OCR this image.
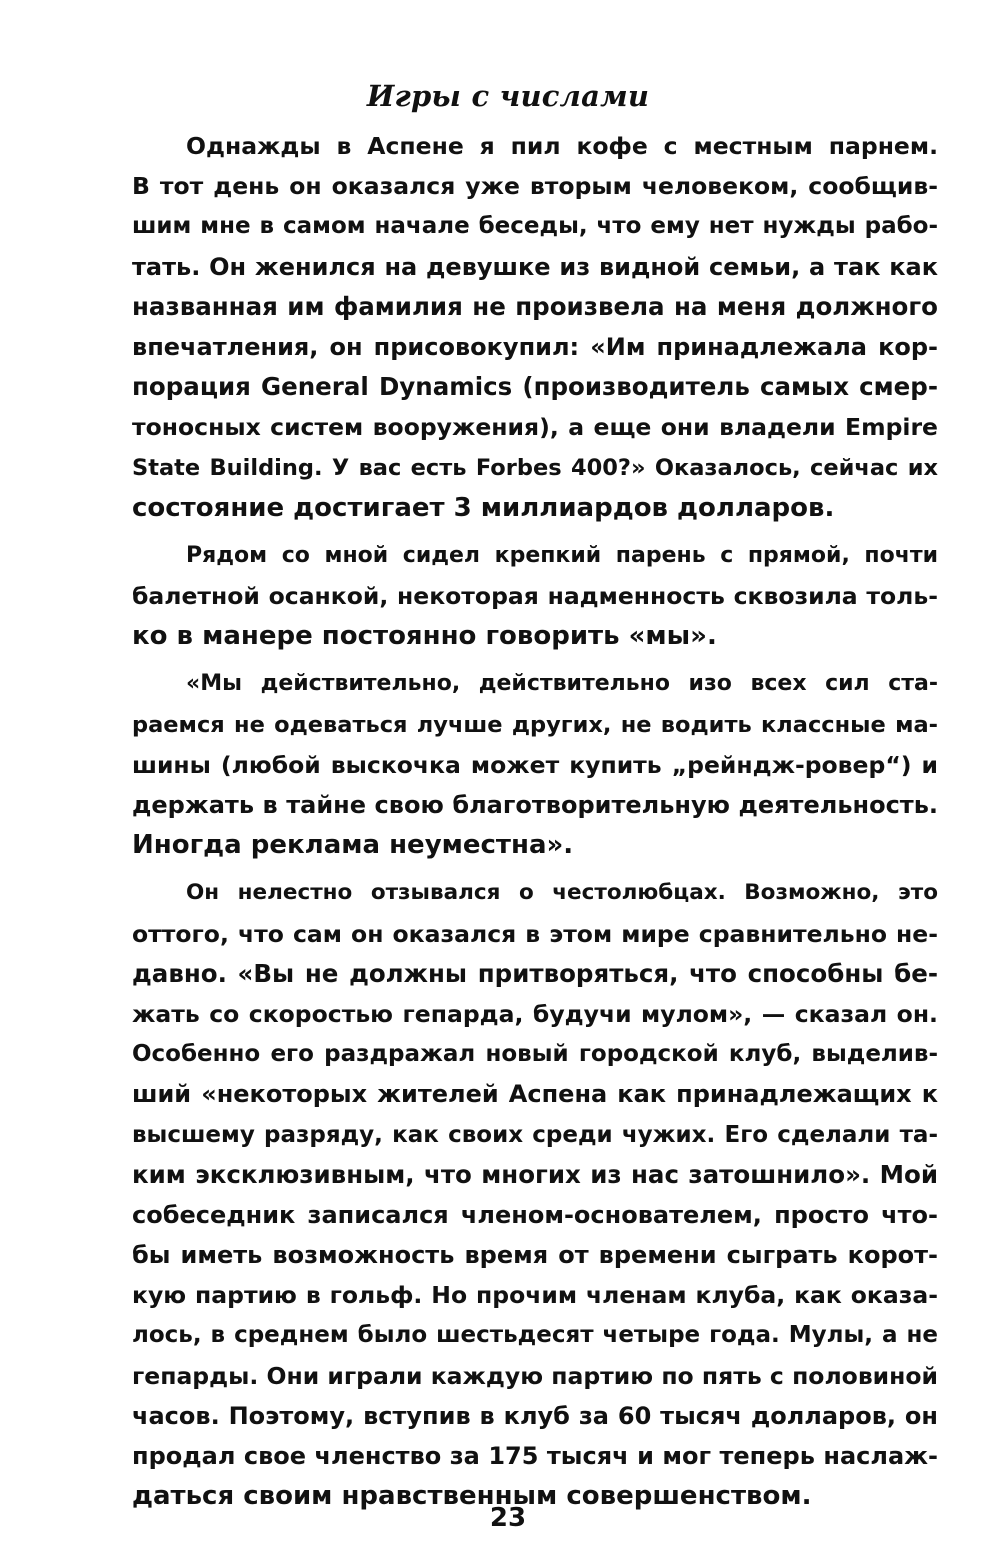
Игры с числами
Однажды в Аспене я пил кофе с местным парнем.
В тот день он оказался уже вторым человеком, сообщив-
шим мне в самом начале беседы, что ему нет нужды рабо-
тать. Он женился на девушке из видной семьи, а так как
названная им фамилия не произвела на меня должного
впечатления, он присовокупил: «Им принадлежала кор-
порация General Dynamics (производитель самых смер-
тоносных систем вооружения), а еще они владели Empire
State Building. У вас есть Forbes 400?» Оказалось, сейчас их
состояние достигает 3 миллиардов долларов.
Рядом со мной сидел крепкий парень с прямой, почти
балетной осанкой, некоторая надменность сквозила толь-
ко в манере постоянно говорить «мы».
«Мы действительно, действительно изо всех сил ста-
раемся не одеваться лучше других, не водить классные ма-
шины (любой выскочка может купить „рейндж-ровер“) и
держать в тайне свою благотворительную деятельность.
Иногда реклама неуместна».
Он нелестно отзывался о честолюбцах. Возможно, это
оттого, что сам он оказался в этом мире сравнительно не-
давно. «Вы не должны притворяться, что способны бе-
жать со скоростью гепарда, будучи мулом», — сказал он.
Особенно его раздражал новый городской клуб, выделив-
ший «некоторых жителей Аспена как принадлежащих к
высшему разряду, как своих среди чужих. Его сделали та-
ким эксклюзивным, что многих из нас затошнило». Мой
собеседник записался членом-основателем, просто что-
бы иметь возможность время от времени сыграть корот-
кую партию в гольф. Но прочим членам клуба, как оказа-
лось, в среднем было шестьдесят четыре года. Мулы, а не
гепарды. Они играли каждую партию по пять с половиной
часов. Поэтому, вступив в клуб за 60 тысяч долларов, он
продал свое членство за 175 тысяч и мог теперь наслаж-
даться своим нравственным совершенством.
23
